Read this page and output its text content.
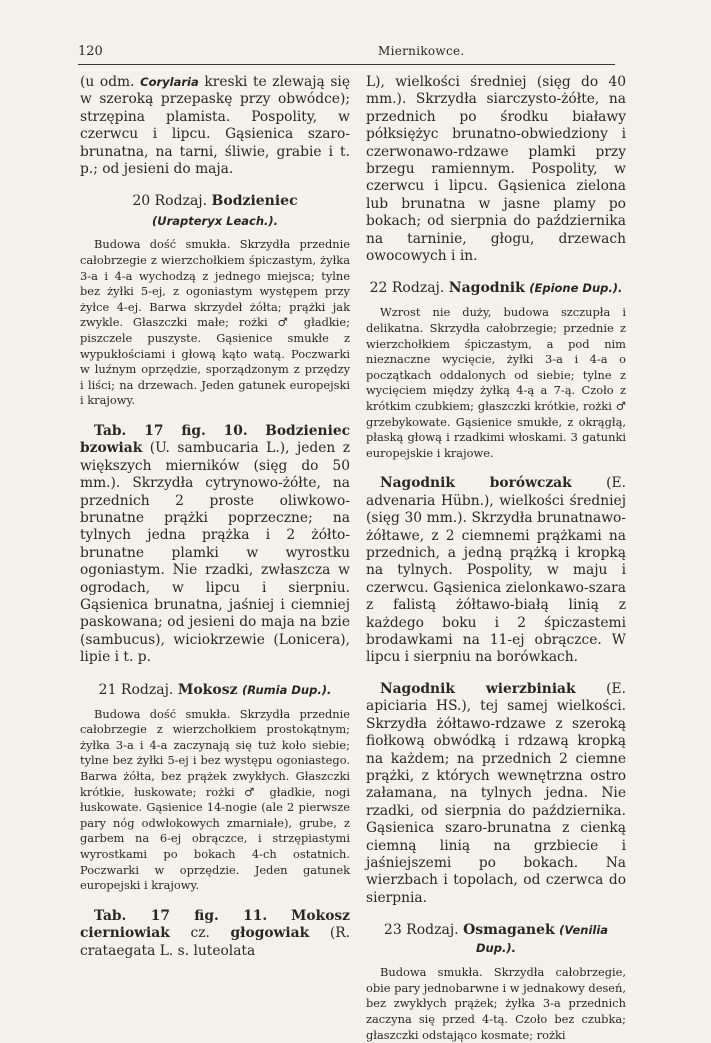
120	Miernikowce.

(u odm. Corylaria kreski te zlewają się w szeroką przepaskę przy obwódce); strzępina plamista. Pospolity, w czerwcu i lipcu. Gąsienica szaro-brunatna, na tarni, śliwie, grabie i t. p.; od jesieni do maja.

20 Rodzaj. Bodzieniec

(Urapteryx Leach.).

Budowa dość smukła. Skrzydła przednie całobrzegie z wierzchołkiem śpiczastym, żyłka 3-a i 4-a wychodzą z jednego miejsca; tylne bez żyłki 5-ej, z ogoniastym występem przy żyłce 4-ej. Barwa skrzydeł żółta; prążki jak zwykle. Głaszczki małe; rożki ♂ gładkie; piszczele puszyste. Gąsienice smukłe z wypukłościami i głową kąto watą. Poczwarki w luźnym oprzędzie, sporządzonym z przędzy i liści; na drzewach. Jeden gatunek europejski i krajowy.

Tab. 17 fig. 10. Bodzieniec bzowiak (U. sambucaria L.), jeden z większych mierników (sięg do 50 mm.). Skrzydła cytrynowo-żółte, na przednich 2 proste oliwkowo-brunatne prążki poprzeczne; na tylnych jedna prążka i 2 żółto-brunatne plamki w wyrostku ogoniastym. Nie rzadki, zwłaszcza w ogrodach, w lipcu i sierpniu. Gąsienica brunatna, jaśniej i ciemniej paskowana; od jesieni do maja na bzie (sambucus), wiciokrzewie (Lonicera), lipie i t. p.

21 Rodzaj. Mokosz (Rumia Dup.).

Budowa dość smukła. Skrzydła przednie całobrzegie z wierzchołkiem prostokątnym; żyłka 3-a i 4-a zaczynają się tuż koło siebie; tylne bez żyłki 5-ej i bez występu ogoniastego. Barwa żółta, bez prążek zwykłych. Głaszczki krótkie, łuskowate; rożki ♂ gładkie, nogi łuskowate. Gąsienice 14-nogie (ale 2 pierwsze pary nóg odwłokowych zmarniałe), grube, z garbem na 6-ej obrączce, i strzępiastymi wyrostkami po bokach 4-ch ostatnich. Poczwarki w oprzędzie. Jeden gatunek europejski i krajowy.

Tab. 17 fig. 11. Mokosz cierniowiak cz. głogowiak (R. crataegata L. s. luteolata

L), wielkości średniej (sięg do 40 mm.). Skrzydła siarczysto-żółte, na przednich po środku białawy półksiężyc brunatno-obwiedziony i czerwonawo-rdzawe plamki przy brzegu ramiennym. Pospolity, w czerwcu i lipcu. Gąsienica zielona lub brunatna w jasne plamy po bokach; od sierpnia do października na tarninie, głogu, drzewach owocowych i in.

22 Rodzaj. Nagodnik (Epione Dup.).

Wzrost nie duży, budowa szczupła i delikatna. Skrzydła całobrzegie; przednie z wierzchołkiem śpiczastym, a pod nim nieznaczne wycięcie, żyłki 3-a i 4-a o początkach oddalonych od siebie; tylne z wycięciem między żyłką 4-ą a 7-ą. Czoło z krótkim czubkiem; głaszczki krótkie, rożki ♂ grzebykowate. Gąsienice smukłe, z okrągłą, płaską głową i rzadkimi włoskami. 3 gatunki europejskie i krajowe.

Nagodnik borówczak (E. advenaria Hübn.), wielkości średniej (sięg 30 mm.). Skrzydła brunatnawo-żółtawe, z 2 ciemnemi prążkami na przednich, a jedną prążką i kropką na tylnych. Pospolity, w maju i czerwcu. Gąsienica zielonkawo-szara z falistą żółtawo-białą linią z każdego boku i 2 śpiczastemi brodawkami na 11-ej obrączce. W lipcu i sierpniu na borówkach.

Nagodnik wierzbiniak (E. apiciaria HS.), tej samej wielkości. Skrzydła żółtawo-rdzawe z szeroką fiołkową obwódką i rdzawą kropką na każdem; na przednich 2 ciemne prążki, z których wewnętrzna ostro załamana, na tylnych jedna. Nie rzadki, od sierpnia do października. Gąsienica szaro-brunatna z cienką ciemną linią na grzbiecie i jaśniejszemi po bokach. Na wierzbach i topolach, od czerwca do sierpnia.

23 Rodzaj. Osmaganek (Venilia Dup.).

Budowa smukła. Skrzydła całobrzegie, obie pary jednobarwne i w jednakowy deseń, bez zwykłych prążek; żyłka 3-a przednich zaczyna się przed 4-tą. Czoło bez czubka; głaszczki odstająco kosmate; rożki
